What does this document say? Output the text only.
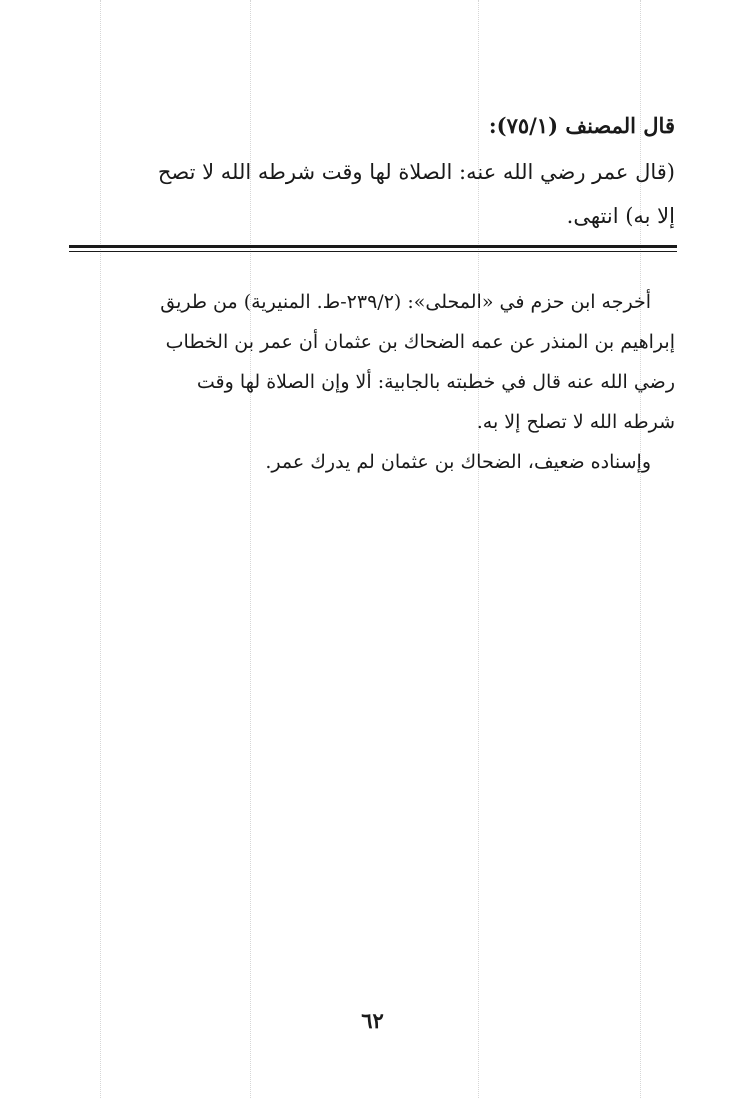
قال المصنف (٧٥/١):
(قال عمر رضي الله عنه: الصلاة لها وقت شرطه الله لا تصح
إلا به) انتهى.

أخرجه ابن حزم في «المحلى»: (٢٣٩/٢-ط. المنيرية) من طريق

إبراهيم بن المنذر عن عمه الضحاك بن عثمان أن عمر بن الخطاب

رضي الله عنه قال في خطبته بالجابية: ألا وإن الصلاة لها وقت

شرطه الله لا تصلح إلا به.

وإسناده ضعيف، الضحاك بن عثمان لم يدرك عمر.

٦٢
